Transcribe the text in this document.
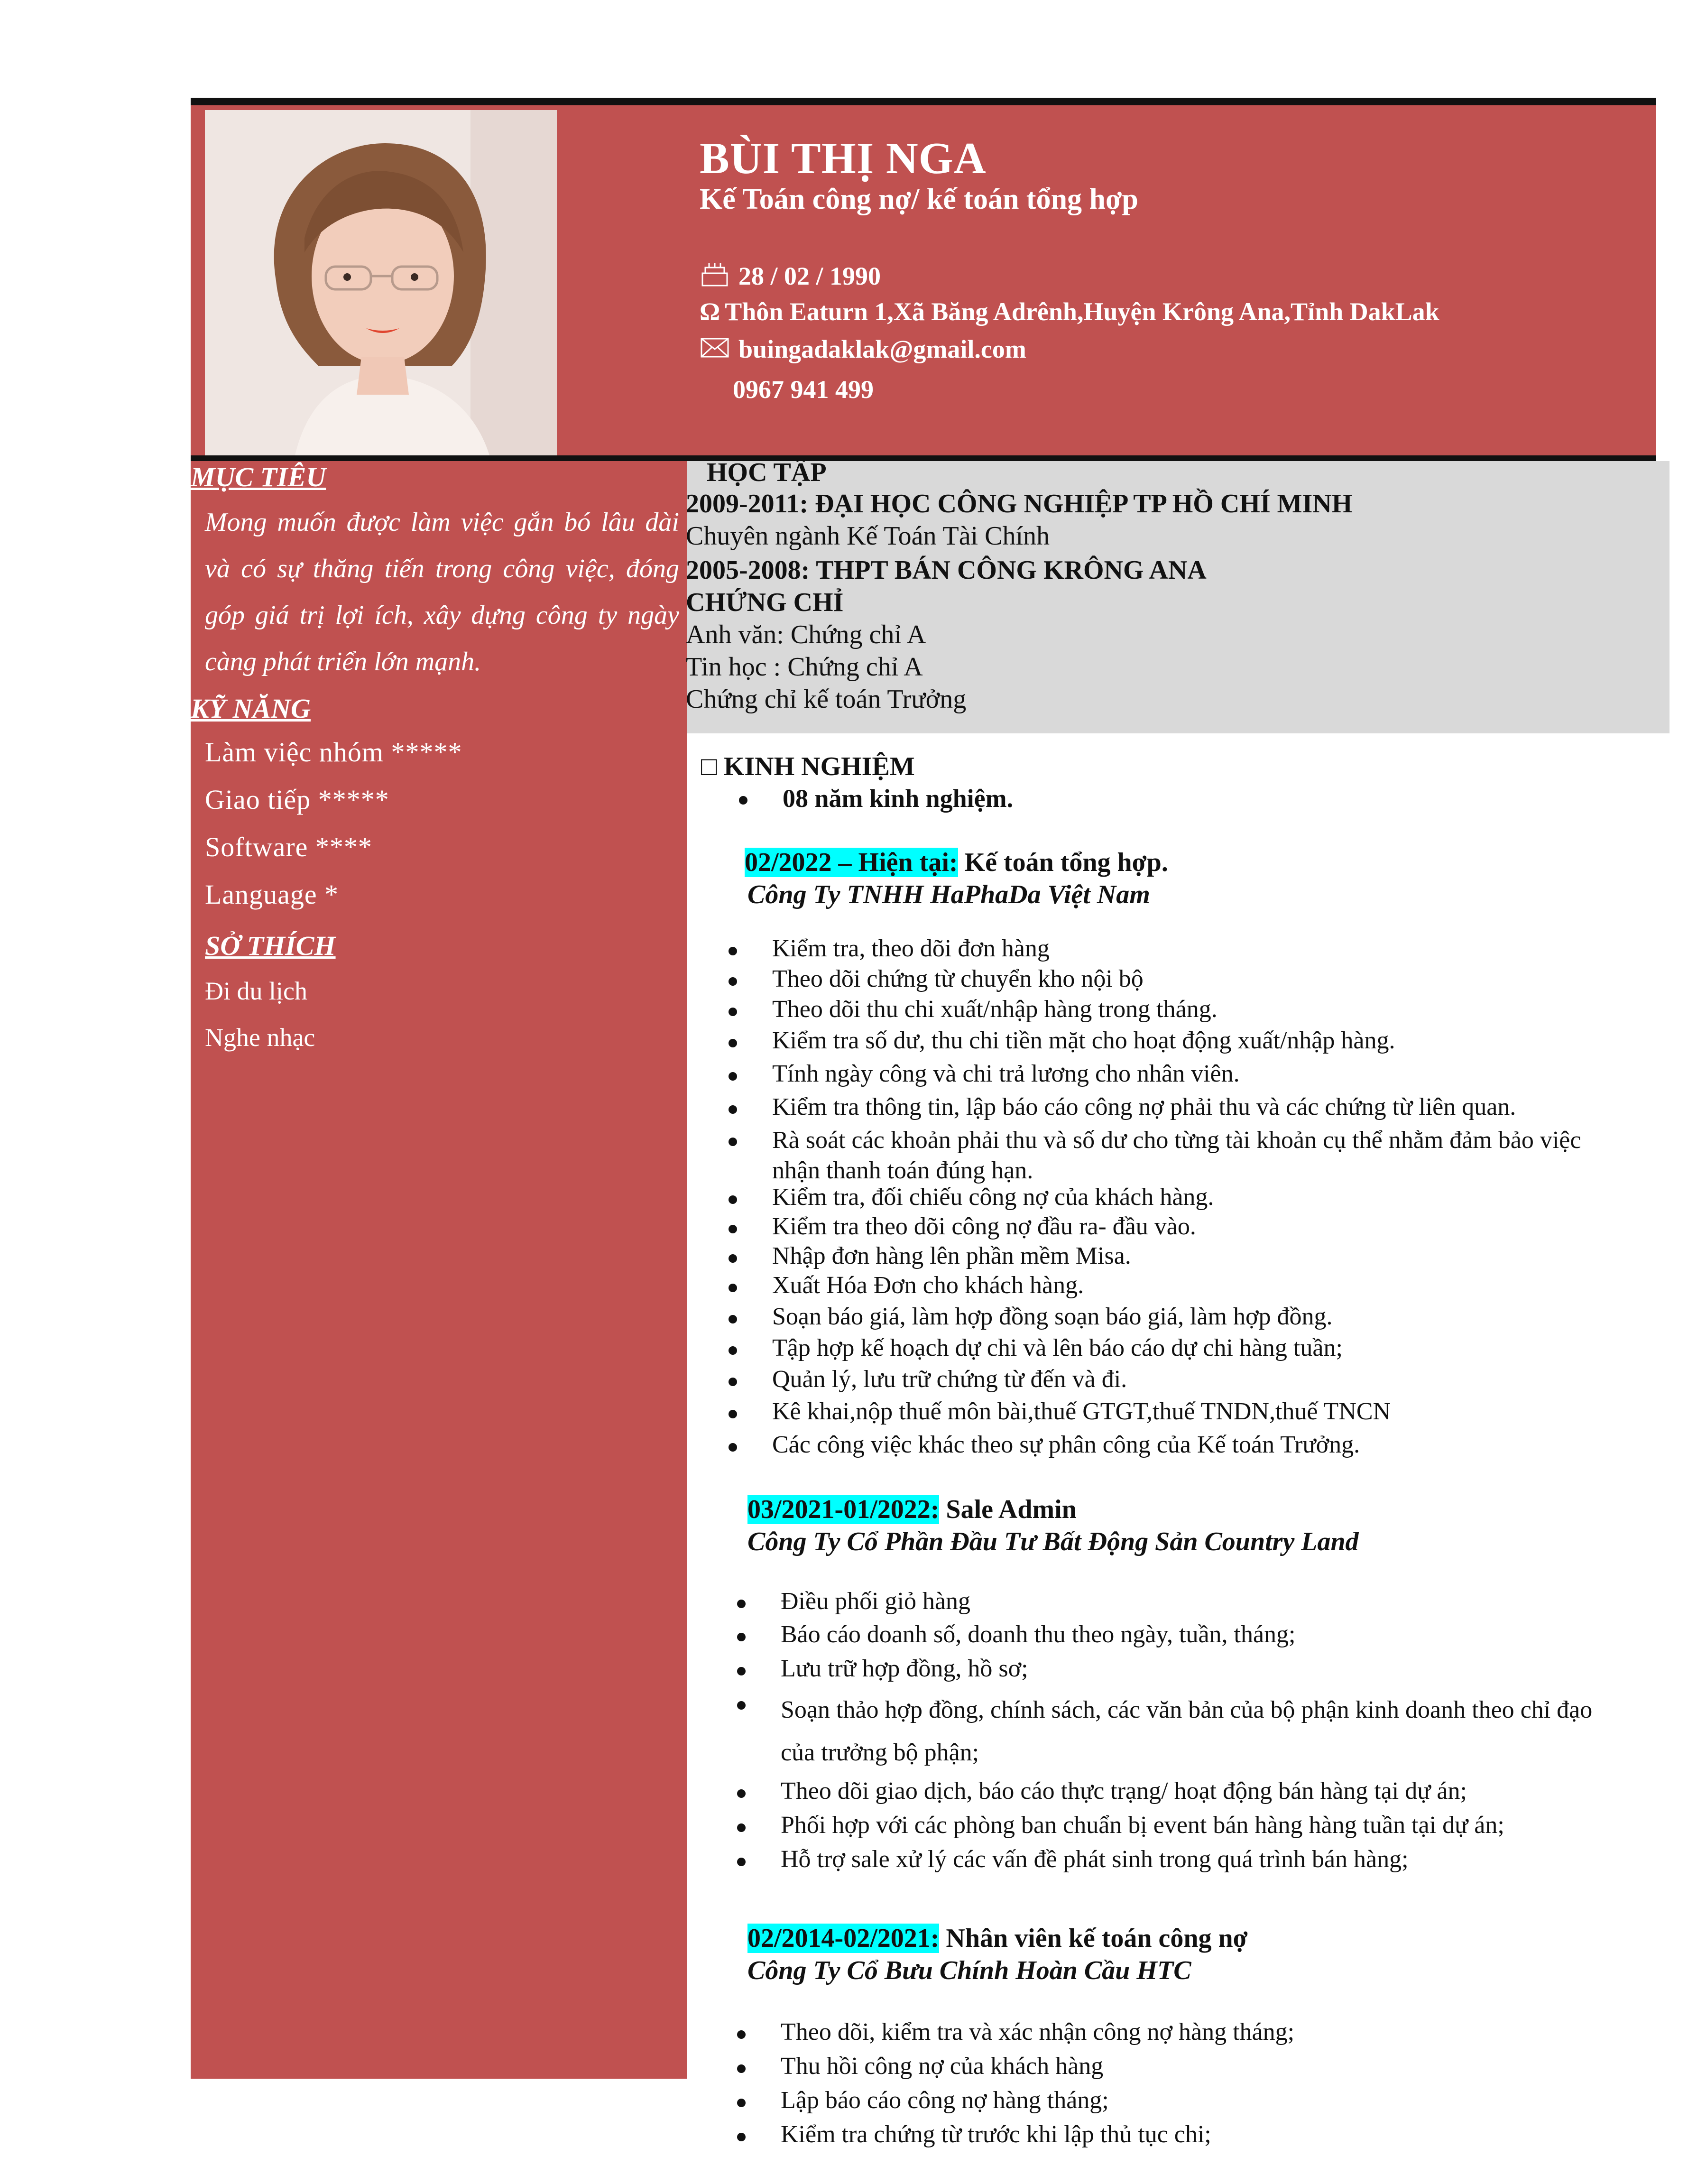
BÙI THỊ NGA
Kế Toán công nợ/ kế toán tổng hợp
28 / 02 / 1990
Ω Thôn Eaturn 1,Xã Băng Adrênh,Huyện Krông Ana,Tỉnh DakLak
buingadaklak@gmail.com
0967 941 499
MỤC TIÊU
Mong muốn được làm việc gắn bó lâu dài và có sự thăng tiến trong công việc, đóng góp giá trị lợi ích, xây dựng công ty ngày càng phát triển lớn mạnh.
KỸ NĂNG
Làm việc nhóm *****
Giao tiếp *****
Software ****
Language *
SỞ THÍCH
Đi du lịch
Nghe nhạc
HỌC TẬP
2009-2011: ĐẠI HỌC CÔNG NGHIỆP TP HỒ CHÍ MINH
Chuyên ngành Kế Toán Tài Chính
2005-2008: THPT BÁN CÔNG KRÔNG ANA
CHỨNG CHỈ
Anh văn: Chứng chỉ A
Tin học : Chứng chỉ A
Chứng chỉ kế toán Trưởng
□ KINH NGHIỆM
08 năm kinh nghiệm.
02/2022 – Hiện tại: Kế toán tổng hợp.
Công Ty TNHH HaPhaDa Việt Nam
Kiểm tra, theo dõi đơn hàng
Theo dõi chứng từ chuyển kho nội bộ
Theo dõi thu chi xuất/nhập hàng trong tháng.
Kiểm tra số dư, thu chi tiền mặt cho hoạt động xuất/nhập hàng.
Tính ngày công và chi trả lương cho nhân viên.
Kiểm tra thông tin, lập báo cáo công nợ phải thu và các chứng từ liên quan.
Rà soát các khoản phải thu và số dư cho từng tài khoản cụ thể nhằm đảm bảo việc nhận thanh toán đúng hạn.
Kiểm tra, đối chiếu công nợ của khách hàng.
Kiểm tra theo dõi công nợ đầu ra- đầu vào.
Nhập đơn hàng lên phần mềm Misa.
Xuất Hóa Đơn cho khách hàng.
Soạn báo giá, làm hợp đồng soạn báo giá, làm hợp đồng.
Tập hợp kế hoạch dự chi và lên báo cáo dự chi hàng tuần;
Quản lý, lưu trữ chứng từ đến và đi.
Kê khai,nộp thuế môn bài,thuế GTGT,thuế TNDN,thuế TNCN
Các công việc khác theo sự phân công của Kế toán Trưởng.
03/2021-01/2022: Sale Admin
Công Ty Cổ Phần Đầu Tư Bất Động Sản Country Land
Điều phối giỏ hàng
Báo cáo doanh số, doanh thu theo ngày, tuần, tháng;
Lưu trữ hợp đồng, hồ sơ;
Soạn thảo hợp đồng, chính sách, các văn bản của bộ phận kinh doanh theo chỉ đạo của trưởng bộ phận;
Theo dõi giao dịch, báo cáo thực trạng/ hoạt động bán hàng tại dự án;
Phối hợp với các phòng ban chuẩn bị event bán hàng hàng tuần tại dự án;
Hỗ trợ sale xử lý các vấn đề phát sinh trong quá trình bán hàng;
02/2014-02/2021: Nhân viên kế toán công nợ
Công Ty Cổ Bưu Chính Hoàn Cầu HTC
Theo dõi, kiểm tra và xác nhận công nợ hàng tháng;
Thu hồi công nợ của khách hàng
Lập báo cáo công nợ hàng tháng;
Kiểm tra chứng từ trước khi lập thủ tục chi;
